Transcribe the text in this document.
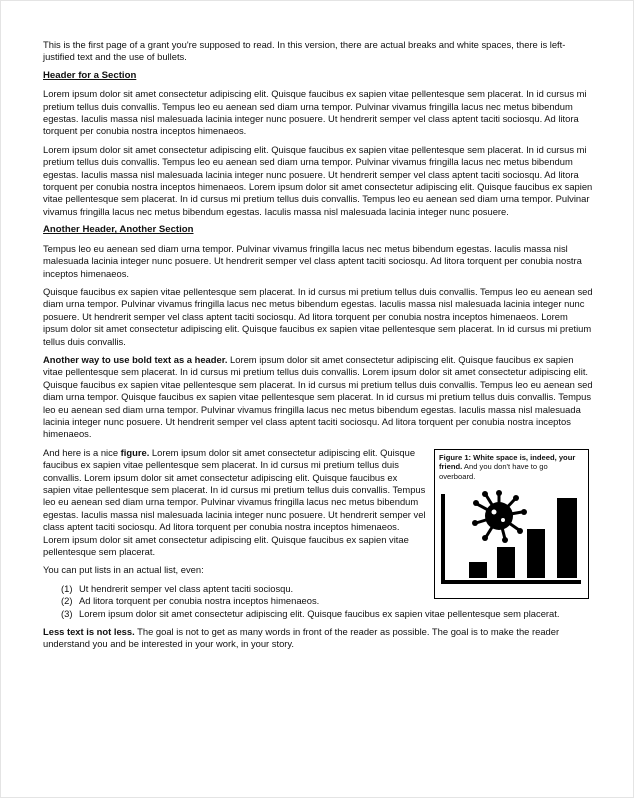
This is the first page of a grant you're supposed to read. In this version, there are actual breaks and white spaces, there is left-justified text and the use of bullets.

Header for a Section

Lorem ipsum dolor sit amet consectetur adipiscing elit. Quisque faucibus ex sapien vitae pellentesque sem placerat. In id cursus mi pretium tellus duis convallis. Tempus leo eu aenean sed diam urna tempor. Pulvinar vivamus fringilla lacus nec metus bibendum egestas. Iaculis massa nisl malesuada lacinia integer nunc posuere. Ut hendrerit semper vel class aptent taciti sociosqu. Ad litora torquent per conubia nostra inceptos himenaeos.

Lorem ipsum dolor sit amet consectetur adipiscing elit. Quisque faucibus ex sapien vitae pellentesque sem placerat. In id cursus mi pretium tellus duis convallis. Tempus leo eu aenean sed diam urna tempor. Pulvinar vivamus fringilla lacus nec metus bibendum egestas. Iaculis massa nisl malesuada lacinia integer nunc posuere. Ut hendrerit semper vel class aptent taciti sociosqu. Ad litora torquent per conubia nostra inceptos himenaeos. Lorem ipsum dolor sit amet consectetur adipiscing elit. Quisque faucibus ex sapien vitae pellentesque sem placerat. In id cursus mi pretium tellus duis convallis. Tempus leo eu aenean sed diam urna tempor. Pulvinar vivamus fringilla lacus nec metus bibendum egestas. Iaculis massa nisl malesuada lacinia integer nunc posuere.

Another Header, Another Section

Tempus leo eu aenean sed diam urna tempor. Pulvinar vivamus fringilla lacus nec metus bibendum egestas. Iaculis massa nisl malesuada lacinia integer nunc posuere. Ut hendrerit semper vel class aptent taciti sociosqu. Ad litora torquent per conubia nostra inceptos himenaeos.

Quisque faucibus ex sapien vitae pellentesque sem placerat. In id cursus mi pretium tellus duis convallis. Tempus leo eu aenean sed diam urna tempor. Pulvinar vivamus fringilla lacus nec metus bibendum egestas. Iaculis massa nisl malesuada lacinia integer nunc posuere. Ut hendrerit semper vel class aptent taciti sociosqu. Ad litora torquent per conubia nostra inceptos himenaeos. Lorem ipsum dolor sit amet consectetur adipiscing elit. Quisque faucibus ex sapien vitae pellentesque sem placerat. In id cursus mi pretium tellus duis convallis.

Another way to use bold text as a header. Lorem ipsum dolor sit amet consectetur adipiscing elit. Quisque faucibus ex sapien vitae pellentesque sem placerat. In id cursus mi pretium tellus duis convallis. Lorem ipsum dolor sit amet consectetur adipiscing elit. Quisque faucibus ex sapien vitae pellentesque sem placerat. In id cursus mi pretium tellus duis convallis. Tempus leo eu aenean sed diam urna tempor. Quisque faucibus ex sapien vitae pellentesque sem placerat. In id cursus mi pretium tellus duis convallis. Tempus leo eu aenean sed diam urna tempor. Pulvinar vivamus fringilla lacus nec metus bibendum egestas. Iaculis massa nisl malesuada lacinia integer nunc posuere. Ut hendrerit semper vel class aptent taciti sociosqu. Ad litora torquent per conubia nostra inceptos himenaeos.

And here is a nice figure. Lorem ipsum dolor sit amet consectetur adipiscing elit. Quisque faucibus ex sapien vitae pellentesque sem placerat. In id cursus mi pretium tellus duis convallis. Lorem ipsum dolor sit amet consectetur adipiscing elit. Quisque faucibus ex sapien vitae pellentesque sem placerat. In id cursus mi pretium tellus duis convallis. Tempus leo eu aenean sed diam urna tempor. Pulvinar vivamus fringilla lacus nec metus bibendum egestas. Iaculis massa nisl malesuada lacinia integer nunc posuere. Ut hendrerit semper vel class aptent taciti sociosqu. Ad litora torquent per conubia nostra inceptos himenaeos. Lorem ipsum dolor sit amet consectetur adipiscing elit. Quisque faucibus ex sapien vitae pellentesque sem placerat.

Figure 1: White space is, indeed, your friend. And you don't have to go overboard.

You can put lists in an actual list, even:

(1) Ut hendrerit semper vel class aptent taciti sociosqu.
(2) Ad litora torquent per conubia nostra inceptos himenaeos.
(3) Lorem ipsum dolor sit amet consectetur adipiscing elit. Quisque faucibus ex sapien vitae pellentesque sem placerat.

Less text is not less. The goal is not to get as many words in front of the reader as possible. The goal is to make the reader understand you and be interested in your work, in your story.
